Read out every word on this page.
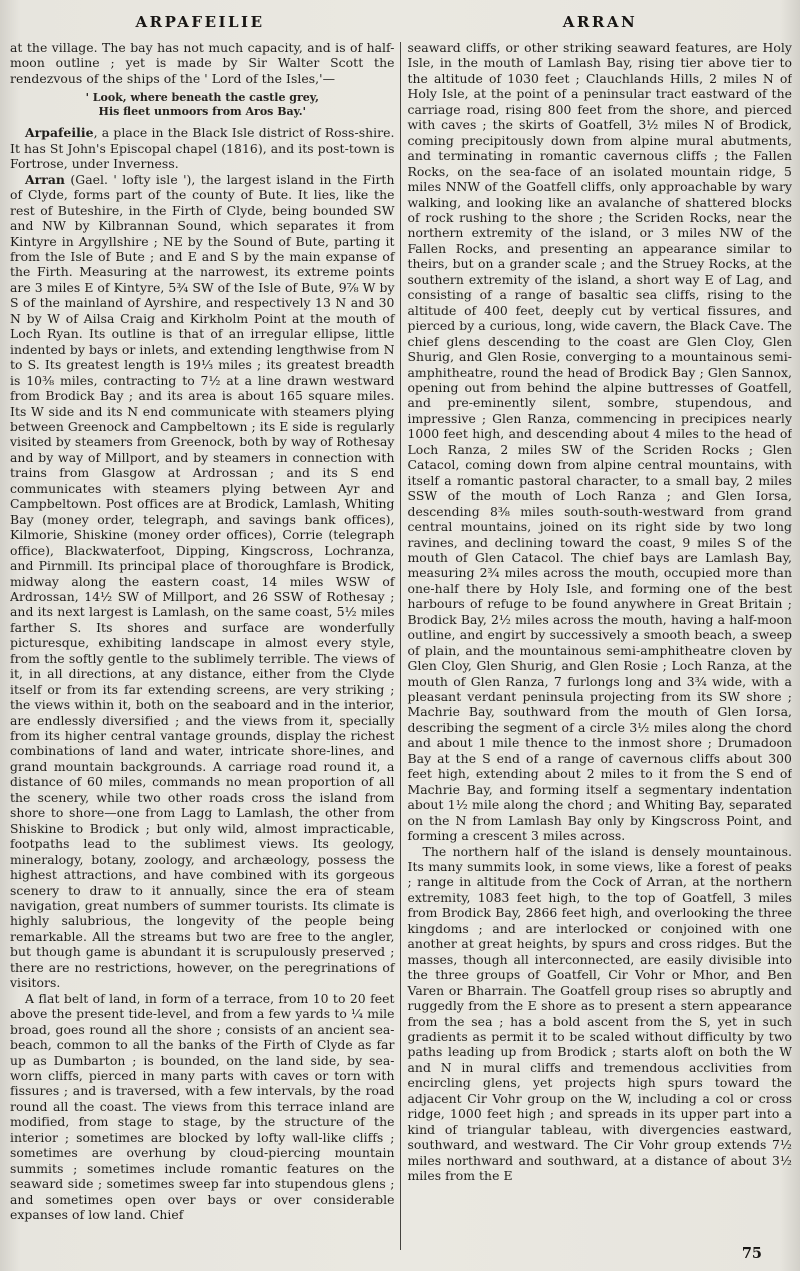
ARPAFEILIE	ARRAN

at the village. The bay has not much capacity, and is of half-moon outline ; yet is made by Sir Walter Scott the rendezvous of the ships of the ' Lord of the Isles,'—

' Look, where beneath the castle grey,
His fleet unmoors from Aros Bay.'

Arpafeilie, a place in the Black Isle district of Ross-shire. It has St John's Episcopal chapel (1816), and its post-town is Fortrose, under Inverness.

Arran (Gael. ' lofty isle '), the largest island in the Firth of Clyde, forms part of the county of Bute. It lies, like the rest of Buteshire, in the Firth of Clyde, being bounded SW and NW by Kilbrannan Sound, which separates it from Kintyre in Argyllshire ; NE by the Sound of Bute, parting it from the Isle of Bute ; and E and S by the main expanse of the Firth. Measuring at the narrowest, its extreme points are 3 miles E of Kintyre, 5¾ SW of the Isle of Bute, 9⅞ W by S of the mainland of Ayrshire, and respectively 13 N and 30 N by W of Ailsa Craig and Kirkholm Point at the mouth of Loch Ryan. Its outline is that of an irregular ellipse, little indented by bays or inlets, and extending lengthwise from N to S. Its greatest length is 19⅓ miles ; its greatest breadth is 10⅜ miles, contracting to 7½ at a line drawn westward from Brodick Bay ; and its area is about 165 square miles. Its W side and its N end communicate with steamers plying between Greenock and Campbeltown ; its E side is regularly visited by steamers from Greenock, both by way of Rothesay and by way of Millport, and by steamers in connection with trains from Glasgow at Ardrossan ; and its S end communicates with steamers plying between Ayr and Campbeltown. Post offices are at Brodick, Lamlash, Whiting Bay (money order, telegraph, and savings bank offices), Kilmorie, Shiskine (money order offices), Corrie (telegraph office), Blackwaterfoot, Dipping, Kingscross, Lochranza, and Pirnmill. Its principal place of thoroughfare is Brodick, midway along the eastern coast, 14 miles WSW of Ardrossan, 14½ SW of Millport, and 26 SSW of Rothesay ; and its next largest is Lamlash, on the same coast, 5½ miles farther S. Its shores and surface are wonderfully picturesque, exhibiting landscape in almost every style, from the softly gentle to the sublimely terrible. The views of it, in all directions, at any distance, either from the Clyde itself or from its far extending screens, are very striking ; the views within it, both on the seaboard and in the interior, are endlessly diversified ; and the views from it, specially from its higher central vantage grounds, display the richest combinations of land and water, intricate shore-lines, and grand mountain backgrounds. A carriage road round it, a distance of 60 miles, commands no mean proportion of all the scenery, while two other roads cross the island from shore to shore—one from Lagg to Lamlash, the other from Shiskine to Brodick ; but only wild, almost impracticable, footpaths lead to the sublimest views. Its geology, mineralogy, botany, zoology, and archæology, possess the highest attractions, and have combined with its gorgeous scenery to draw to it annually, since the era of steam navigation, great numbers of summer tourists. Its climate is highly salubrious, the longevity of the people being remarkable. All the streams but two are free to the angler, but though game is abundant it is scrupulously preserved ; there are no restrictions, however, on the peregrinations of visitors.

A flat belt of land, in form of a terrace, from 10 to 20 feet above the present tide-level, and from a few yards to ¼ mile broad, goes round all the shore ; consists of an ancient sea-beach, common to all the banks of the Firth of Clyde as far up as Dumbarton ; is bounded, on the land side, by sea-worn cliffs, pierced in many parts with caves or torn with fissures ; and is traversed, with a few intervals, by the road round all the coast. The views from this terrace inland are modified, from stage to stage, by the structure of the interior ; sometimes are blocked by lofty wall-like cliffs ; sometimes are overhung by cloud-piercing mountain summits ; sometimes include romantic features on the seaward side ; sometimes sweep far into stupendous glens ; and sometimes open over bays or over considerable expanses of low land. Chief

seaward cliffs, or other striking seaward features, are Holy Isle, in the mouth of Lamlash Bay, rising tier above tier to the altitude of 1030 feet ; Clauchlands Hills, 2 miles N of Holy Isle, at the point of a peninsular tract eastward of the carriage road, rising 800 feet from the shore, and pierced with caves ; the skirts of Goatfell, 3½ miles N of Brodick, coming precipitously down from alpine mural abutments, and terminating in romantic cavernous cliffs ; the Fallen Rocks, on the sea-face of an isolated mountain ridge, 5 miles NNW of the Goatfell cliffs, only approachable by wary walking, and looking like an avalanche of shattered blocks of rock rushing to the shore ; the Scriden Rocks, near the northern extremity of the island, or 3 miles NW of the Fallen Rocks, and presenting an appearance similar to theirs, but on a grander scale ; and the Struey Rocks, at the southern extremity of the island, a short way E of Lag, and consisting of a range of basaltic sea cliffs, rising to the altitude of 400 feet, deeply cut by vertical fissures, and pierced by a curious, long, wide cavern, the Black Cave. The chief glens descending to the coast are Glen Cloy, Glen Shurig, and Glen Rosie, converging to a mountainous semi-amphitheatre, round the head of Brodick Bay ; Glen Sannox, opening out from behind the alpine buttresses of Goatfell, and pre-eminently silent, sombre, stupendous, and impressive ; Glen Ranza, commencing in precipices nearly 1000 feet high, and descending about 4 miles to the head of Loch Ranza, 2 miles SW of the Scriden Rocks ; Glen Catacol, coming down from alpine central mountains, with itself a romantic pastoral character, to a small bay, 2 miles SSW of the mouth of Loch Ranza ; and Glen Iorsa, descending 8⅜ miles south-south-westward from grand central mountains, joined on its right side by two long ravines, and declining toward the coast, 9 miles S of the mouth of Glen Catacol. The chief bays are Lamlash Bay, measuring 2¾ miles across the mouth, occupied more than one-half there by Holy Isle, and forming one of the best harbours of refuge to be found anywhere in Great Britain ; Brodick Bay, 2½ miles across the mouth, having a half-moon outline, and engirt by successively a smooth beach, a sweep of plain, and the mountainous semi-amphitheatre cloven by Glen Cloy, Glen Shurig, and Glen Rosie ; Loch Ranza, at the mouth of Glen Ranza, 7 furlongs long and 3¾ wide, with a pleasant verdant peninsula projecting from its SW shore ; Machrie Bay, southward from the mouth of Glen Iorsa, describing the segment of a circle 3½ miles along the chord and about 1 mile thence to the inmost shore ; Drumadoon Bay at the S end of a range of cavernous cliffs about 300 feet high, extending about 2 miles to it from the S end of Machrie Bay, and forming itself a segmentary indentation about 1½ mile along the chord ; and Whiting Bay, separated on the N from Lamlash Bay only by Kingscross Point, and forming a crescent 3 miles across.

The northern half of the island is densely mountainous. Its many summits look, in some views, like a forest of peaks ; range in altitude from the Cock of Arran, at the northern extremity, 1083 feet high, to the top of Goatfell, 3 miles from Brodick Bay, 2866 feet high, and overlooking the three kingdoms ; and are interlocked or conjoined with one another at great heights, by spurs and cross ridges. But the masses, though all interconnected, are easily divisible into the three groups of Goatfell, Cir Vohr or Mhor, and Ben Varen or Bharrain. The Goatfell group rises so abruptly and ruggedly from the E shore as to present a stern appearance from the sea ; has a bold ascent from the S, yet in such gradients as permit it to be scaled without difficulty by two paths leading up from Brodick ; starts aloft on both the W and N in mural cliffs and tremendous acclivities from encircling glens, yet projects high spurs toward the adjacent Cir Vohr group on the W, including a col or cross ridge, 1000 feet high ; and spreads in its upper part into a kind of triangular tableau, with divergencies eastward, southward, and westward. The Cir Vohr group extends 7½ miles northward and southward, at a distance of about 3½ miles from the E

75
